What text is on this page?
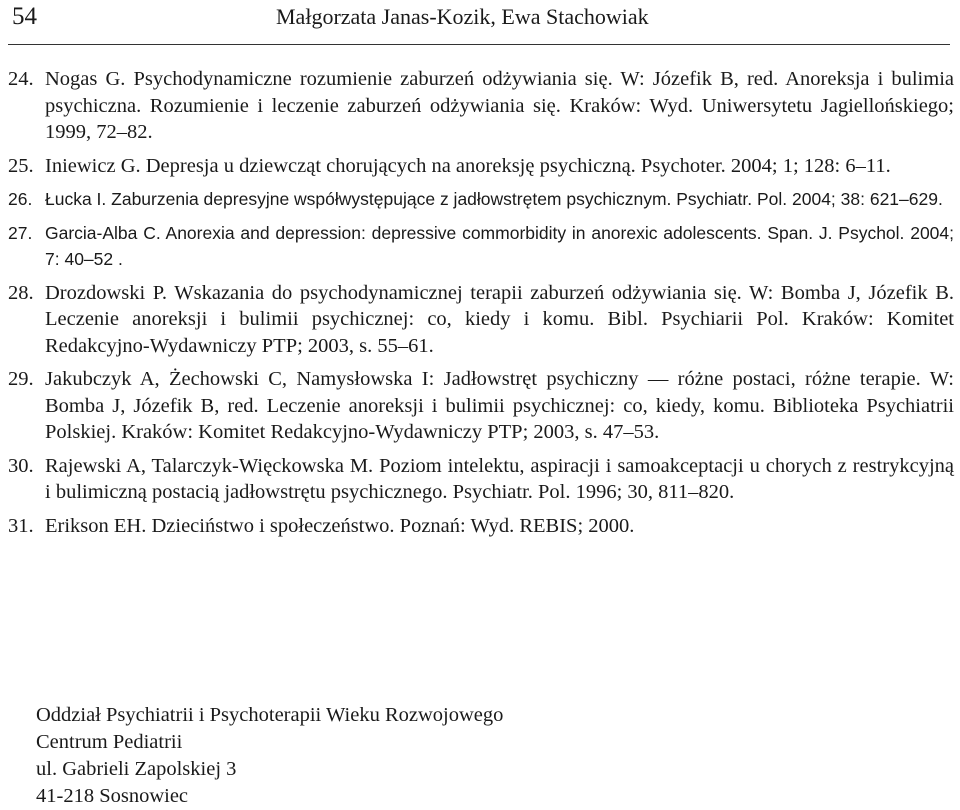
54	Małgorzata Janas-Kozik, Ewa Stachowiak
24. Nogas G. Psychodynamiczne rozumienie zaburzeń odżywiania się. W: Józefik B, red. Anoreksja i bulimia psychiczna. Rozumienie i leczenie zaburzeń odżywiania się. Kraków: Wyd. Uniwersytetu Jagiellońskiego; 1999, 72–82.
25. Iniewicz G. Depresja u dziewcząt chorujących na anoreksję psychiczną. Psychoter. 2004; 1; 128: 6–11.
26. Łucka I. Zaburzenia depresyjne współwystępujące z jadłowstrętem psychicznym. Psychiatr. Pol. 2004; 38: 621–629.
27. Garcia-Alba C. Anorexia and depression: depressive commorbidity in anorexic adolescents. Span. J. Psychol. 2004; 7: 40–52 .
28. Drozdowski P. Wskazania do psychodynamicznej terapii zaburzeń odżywiania się. W: Bomba J, Józefik B. Leczenie anoreksji i bulimii psychicznej: co, kiedy i komu. Bibl. Psychiarii Pol. Kraków: Komitet Redakcyjno-Wydawniczy PTP; 2003, s. 55–61.
29. Jakubczyk A, Żechowski C, Namysłowska I: Jadłowstręt psychiczny — różne postaci, różne terapie. W: Bomba J, Józefik B, red. Leczenie anoreksji i bulimii psychicznej: co, kiedy, komu. Biblioteka Psychiatrii Polskiej. Kraków: Komitet Redakcyjno-Wydawniczy PTP; 2003, s. 47–53.
30. Rajewski A, Talarczyk-Więckowska M. Poziom intelektu, aspiracji i samoakceptacji u chorych z restrykcyjną i bulimiczną postacią jadłowstrętu psychicznego. Psychiatr. Pol. 1996; 30, 811–820.
31. Erikson EH. Dzieciństwo i społeczeństwo. Poznań: Wyd. REBIS; 2000.
Oddział Psychiatrii i Psychoterapii Wieku Rozwojowego
Centrum Pediatrii
ul. Gabrieli Zapolskiej 3
41-218 Sosnowiec
